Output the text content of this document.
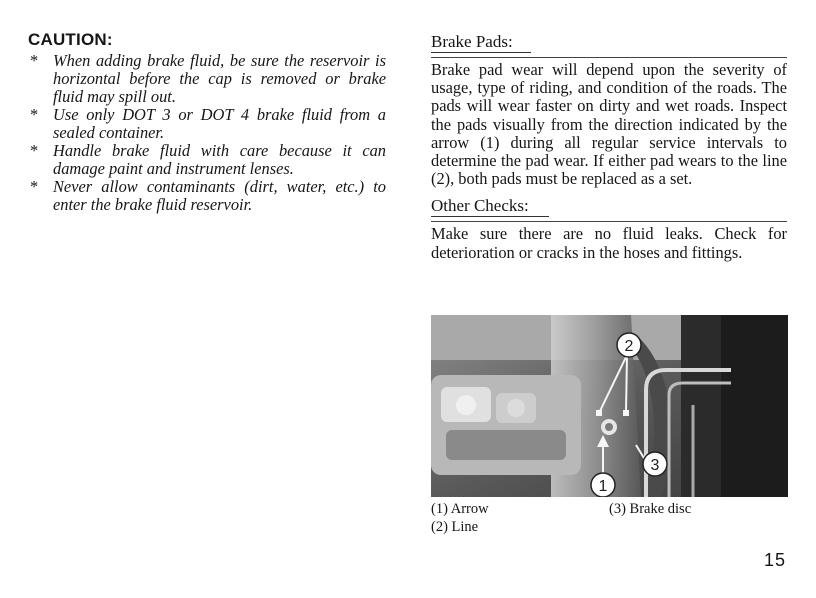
CAUTION:
* When adding brake fluid, be sure the reservoir is horizontal before the cap is removed or brake fluid may spill out.
* Use only DOT 3 or DOT 4 brake fluid from a sealed container.
* Handle brake fluid with care because it can damage paint and instrument lenses.
* Never allow contaminants (dirt, water, etc.) to enter the brake fluid reservoir.
Brake Pads:

Brake pad wear will depend upon the severity of usage, type of riding, and condition of the roads. The pads will wear faster on dirty and wet roads. Inspect the pads visually from the direction indicated by the arrow (1) during all regular service intervals to determine the pad wear. If either pad wears to the line (2), both pads must be replaced as a set.

Other Checks:

Make sure there are no fluid leaks. Check for deterioration or cracks in the hoses and fittings.

2
1
3
(1) Arrow
(2) Line
(3) Brake disc
15
